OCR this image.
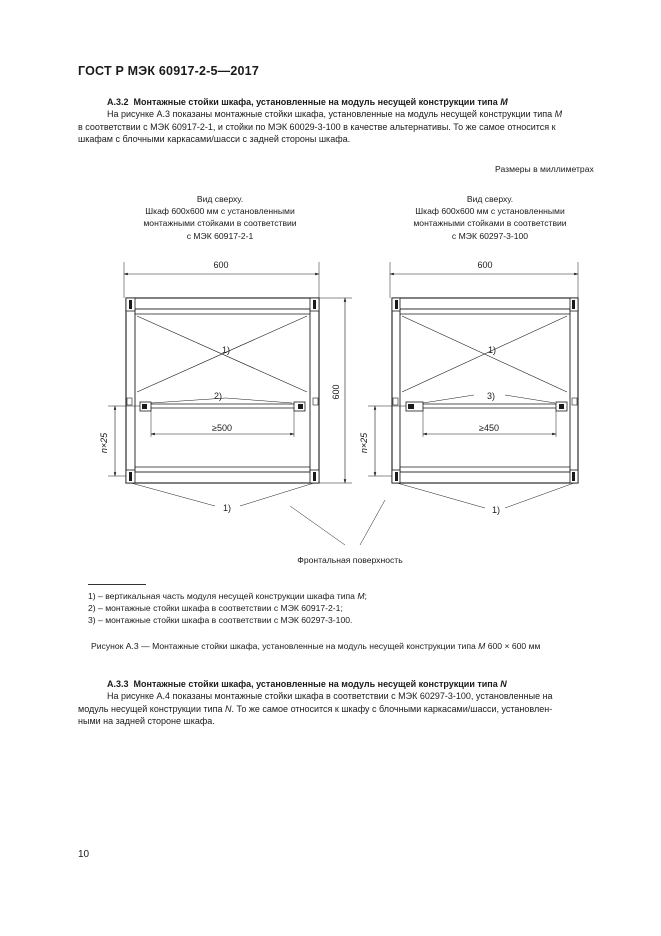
ГОСТ Р МЭК 60917-2-5—2017
A.3.2 Монтажные стойки шкафа, установленные на модуль несущей конструкции типа M
На рисунке А.3 показаны монтажные стойки шкафа, установленные на модуль несущей конструкции типа M
в соответствии с МЭК 60917-2-1, и стойки по МЭК 60029-3-100 в качестве альтернативы. То же самое относится к
шкафам с блочными каркасами/шасси с задней стороны шкафа.
Размеры в миллиметрах
Вид сверху.
Шкаф 600x600 мм с установленными
монтажными стойками в соответствии
с МЭК 60917-2-1
Вид сверху.
Шкаф 600x600 мм с установленными
монтажными стойками в соответствии
с МЭК 60297-3-100
600	600
600
1)
2)
≥500
1)
n×25
1)
3)
≥450
1)
n×25
Фронтальная поверхность
1) – вертикальная часть модуля несущей конструкции шкафа типа M;
2) – монтажные стойки шкафа в соответствии с МЭК 60917-2-1;
3) – монтажные стойки шкафа в соответствии с МЭК 60297-3-100.
Рисунок А.3 — Монтажные стойки шкафа, установленные на модуль несущей конструкции типа M 600 × 600 мм
A.3.3 Монтажные стойки шкафа, установленные на модуль несущей конструкции типа N
На рисунке А.4 показаны монтажные стойки шкафа в соответствии с МЭК 60297-3-100, установленные на
модуль несущей конструкции типа N. То же самое относится к шкафу с блочными каркасами/шасси, установлен-
ными на задней стороне шкафа.
10
